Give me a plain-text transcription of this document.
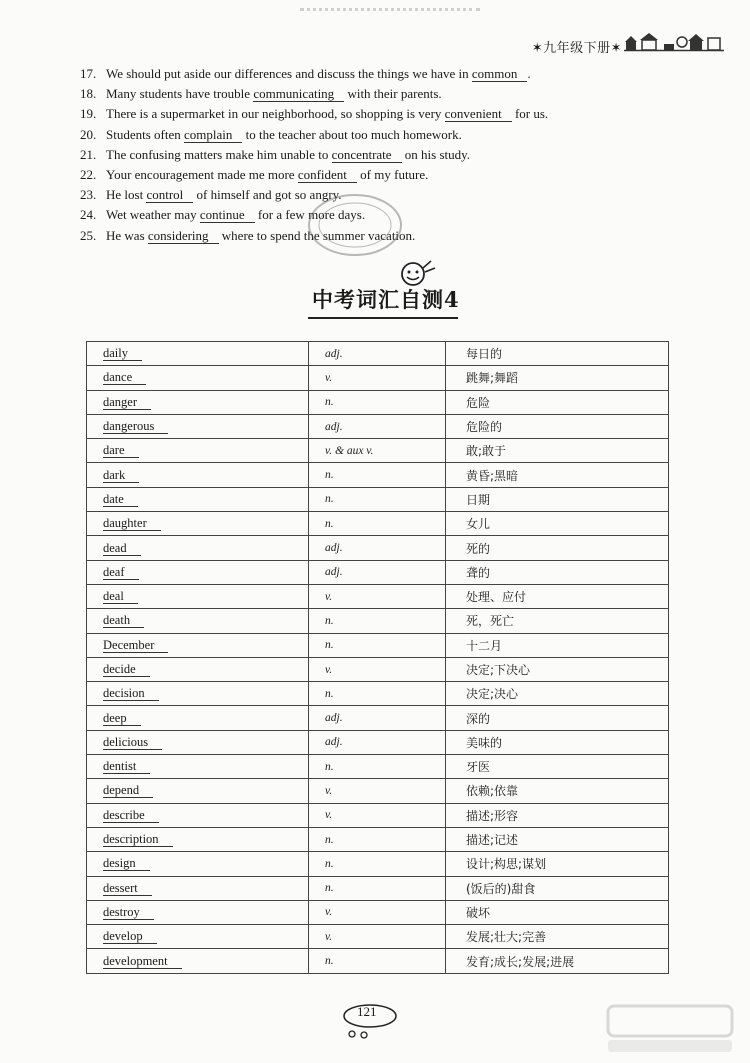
✶九年级下册✶
17. We should put aside our differences and discuss the things we have in common .
18. Many students have trouble communicating with their parents.
19. There is a supermarket in our neighborhood, so shopping is very convenient for us.
20. Students often complain to the teacher about too much homework.
21. The confusing matters make him unable to concentrate on his study.
22. Your encouragement made me more confident of my future.
23. He lost control of himself and got so angry.
24. Wet weather may continue for a few more days.
25. He was considering where to spend the summer vacation.
中考词汇自测4
daily	adj.	每日的
dance	v.	跳舞;舞蹈
danger	n.	危险
dangerous	adj.	危险的
dare	v. & aux v.	敢;敢于
dark	n.	黄昏;黑暗
date	n.	日期
daughter	n.	女儿
dead	adj.	死的
deaf	adj.	聋的
deal	v.	处理、应付
death	n.	死，死亡
December	n.	十二月
decide	v.	决定;下决心
decision	n.	决定;决心
deep	adj.	深的
delicious	adj.	美味的
dentist	n.	牙医
depend	v.	依赖;依靠
describe	v.	描述;形容
description	n.	描述;记述
design	n.	设计;构思;谋划
dessert	n.	(饭后的)甜食
destroy	v.	破坏
develop	v.	发展;壮大;完善
development	n.	发育;成长;发展;进展
121
